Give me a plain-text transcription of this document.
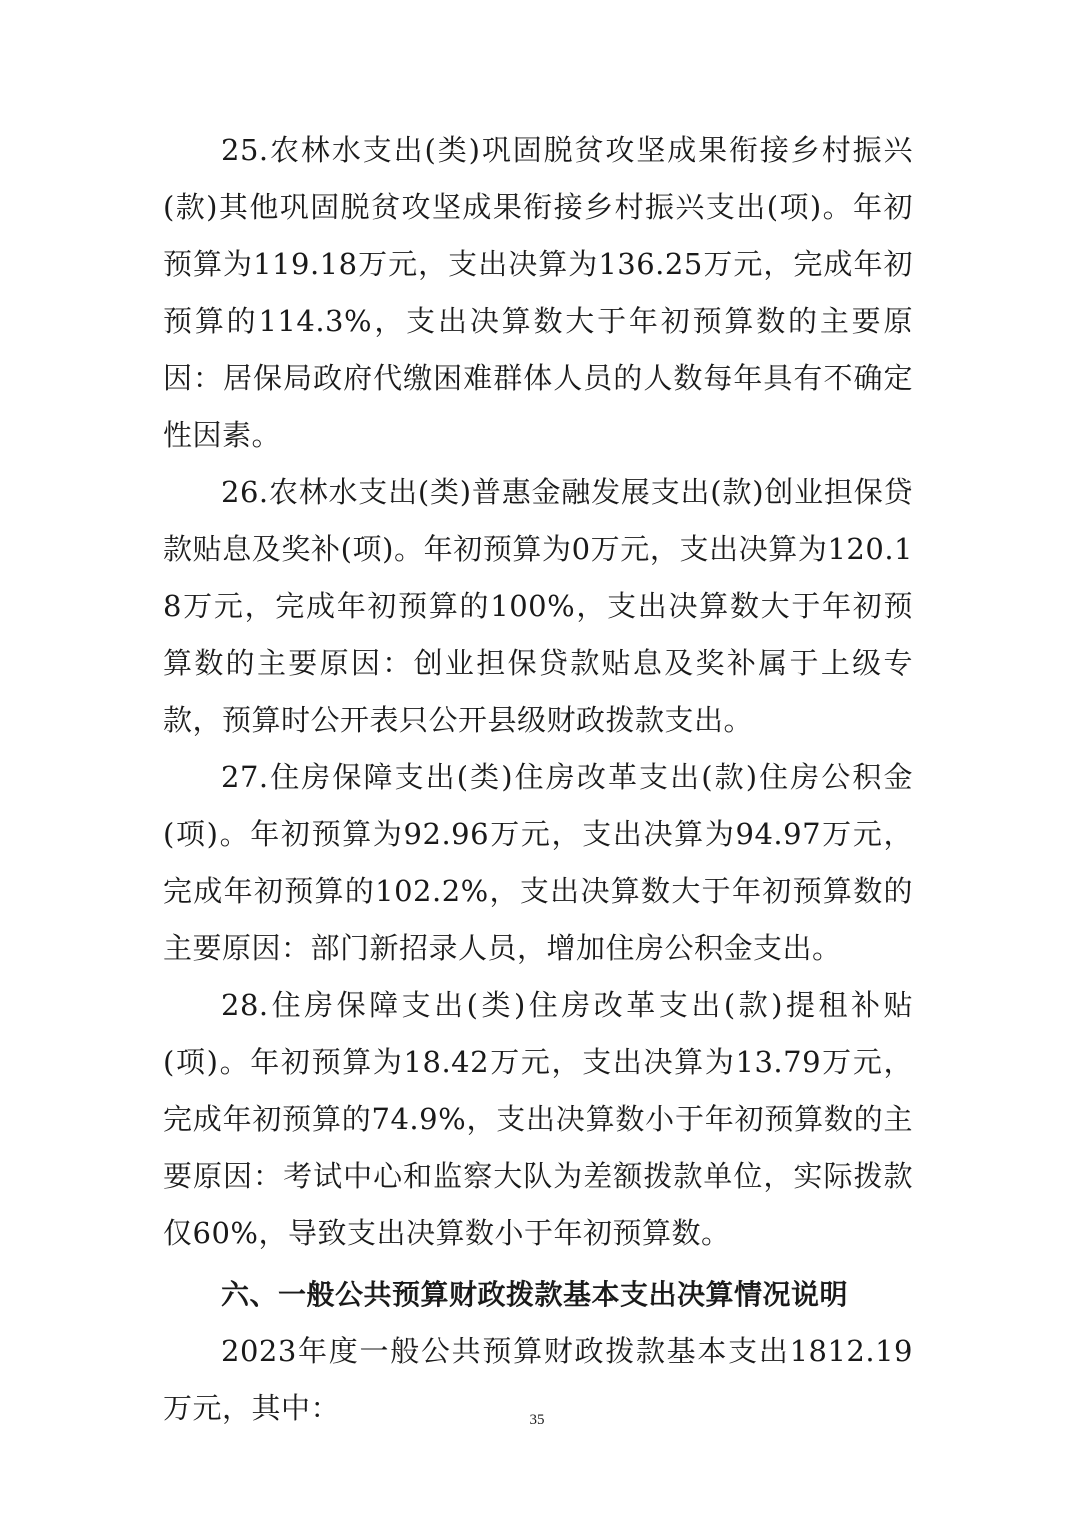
25.农林水支出(类)巩固脱贫攻坚成果衔接乡村振兴(款)其他巩固脱贫攻坚成果衔接乡村振兴支出(项)。年初预算为119.18万元，支出决算为136.25万元，完成年初预算的114.3%，支出决算数大于年初预算数的主要原因：居保局政府代缴困难群体人员的人数每年具有不确定性因素。

26.农林水支出(类)普惠金融发展支出(款)创业担保贷款贴息及奖补(项)。年初预算为0万元，支出决算为120.18万元，完成年初预算的100%，支出决算数大于年初预算数的主要原因：创业担保贷款贴息及奖补属于上级专款，预算时公开表只公开县级财政拨款支出。

27.住房保障支出(类)住房改革支出(款)住房公积金(项)。年初预算为92.96万元，支出决算为94.97万元，完成年初预算的102.2%，支出决算数大于年初预算数的主要原因：部门新招录人员，增加住房公积金支出。

28.住房保障支出(类)住房改革支出(款)提租补贴(项)。年初预算为18.42万元，支出决算为13.79万元，完成年初预算的74.9%，支出决算数小于年初预算数的主要原因：考试中心和监察大队为差额拨款单位，实际拨款仅60%，导致支出决算数小于年初预算数。

六、一般公共预算财政拨款基本支出决算情况说明

2023年度一般公共预算财政拨款基本支出1812.19万元，其中：	35
